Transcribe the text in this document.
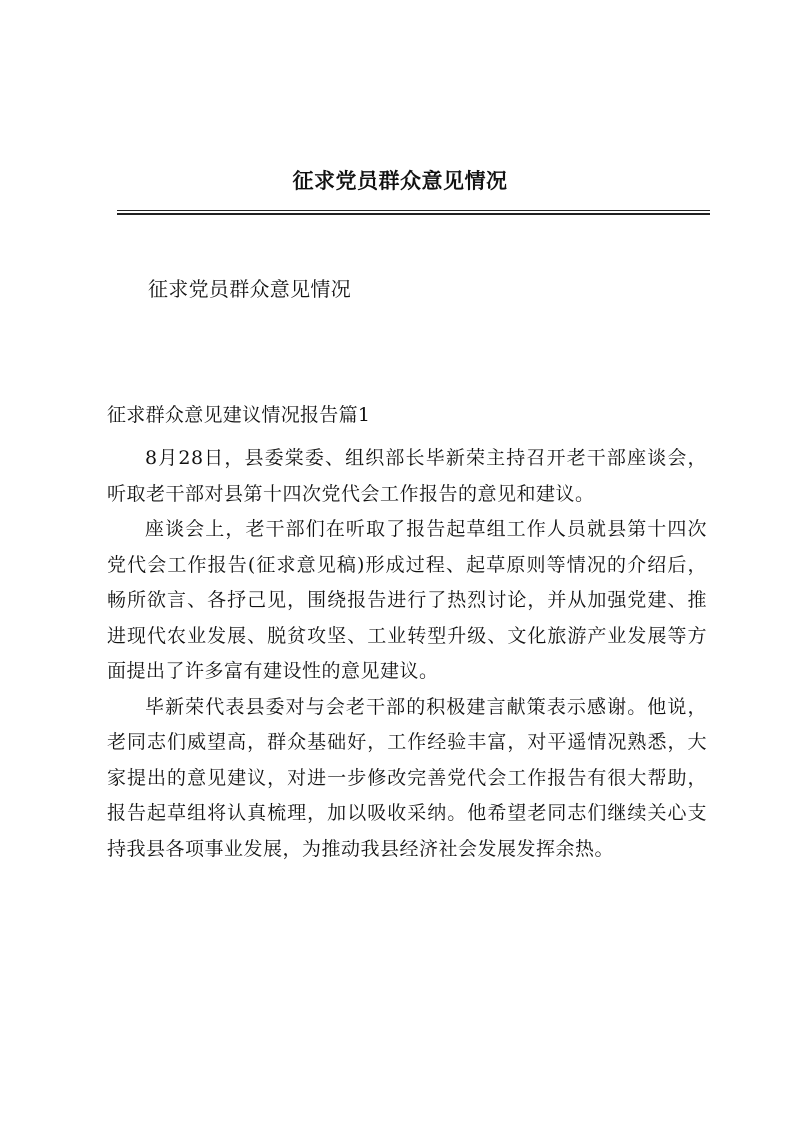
征求党员群众意见情况
征求党员群众意见情况
征求群众意见建议情况报告篇1

8月28日，县委棠委、组织部长毕新荣主持召开老干部座谈会，听取老干部对县第十四次党代会工作报告的意见和建议。

座谈会上，老干部们在听取了报告起草组工作人员就县第十四次党代会工作报告(征求意见稿)形成过程、起草原则等情况的介绍后，畅所欲言、各抒己见，围绕报告进行了热烈讨论，并从加强党建、推进现代农业发展、脱贫攻坚、工业转型升级、文化旅游产业发展等方面提出了许多富有建设性的意见建议。

毕新荣代表县委对与会老干部的积极建言献策表示感谢。他说，老同志们威望高，群众基础好，工作经验丰富，对平遥情况熟悉，大家提出的意见建议，对进一步修改完善党代会工作报告有很大帮助，报告起草组将认真梳理，加以吸收采纳。他希望老同志们继续关心支持我县各项事业发展，为推动我县经济社会发展发挥余热。
